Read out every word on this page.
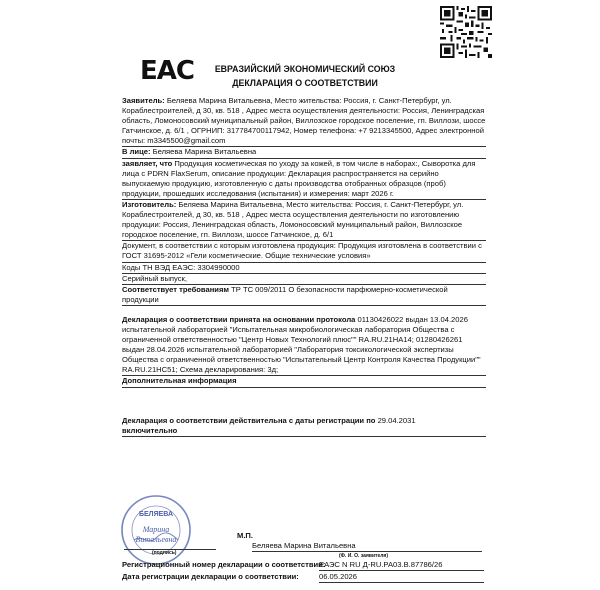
EAC	ЕВРАЗИЙСКИЙ ЭКОНОМИЧЕСКИЙ СОЮЗ
ДЕКЛАРАЦИЯ О СООТВЕТСТВИИ

Заявитель: Беляева Марина Витальевна, Место жительства: Россия, г. Санкт-Петербург, ул. Кораблестроителей, д 30, кв. 518 , Адрес места осуществления деятельности: Россия, Ленинградская область, Ломоносовский муниципальный район, Виллозское городское поселение, гп. Виллози, шоссе Гатчинское, д. 6/1 , ОГРНИП: 317784700117942, Номер телефона: +7 9213345500, Адрес электронной почты: m3345500@gmail.com

В лице: Беляева Марина Витальевна

заявляет, что Продукция косметическая по уходу за кожей, в том числе в наборах:, Сыворотка для лица с PDRN FlaxSerum, описание продукции: Декларация распространяется на серийно выпускаемую продукцию, изготовленную с даты производства отобранных образцов (проб) продукции, прошедших исследования (испытания) и измерения: март 2026 г.

Изготовитель: Беляева Марина Витальевна, Место жительства: Россия, г. Санкт-Петербург, ул. Кораблестроителей, д 30, кв. 518 , Адрес места осуществления деятельности по изготовлению продукции: Россия, Ленинградская область, Ломоносовский муниципальный район, Виллозское городское поселение, гп. Виллози, шоссе Гатчинское, д. 6/1

Документ, в соответствии с которым изготовлена продукция: Продукция изготовлена в соответствии с ГОСТ 31695-2012 «Гели косметические. Общие технические условия»

Коды ТН ВЭД ЕАЭС: 3304990000

Серийный выпуск,

Соответствует требованиям ТР ТС 009/2011 О безопасности парфюмерно-косметической продукции

Декларация о соответствии принята на основании протокола 01130426022 выдан 13.04.2026 испытательной лабораторией "Испытательная микробиологическая лаборатория Общества с ограниченной ответственностью "Центр Новых Технологий плюс"" RA.RU.21НА14; 01280426261 выдан 28.04.2026 испытательной лабораторией "Лаборатория токсикологической экспертизы Общества с ограниченной ответственностью "Испытательный Центр Контроля Качества Продукции"" RA.RU.21HC51; Схема декларирования: 3д;

Дополнительная информация

Декларация о соответствии действительна с даты регистрации по 29.04.2031
включительно

БЕЛЯЕВА
Марина
Витальевна
(подпись)
М.П.
Беляева Марина Витальевна
(Ф. И. О. заявителя)
Регистрационный номер декларации о соответствии:
ЕАЭС N RU Д-RU.РА03.В.87786/26
Дата регистрации декларации о соответствии:	06.05.2026
